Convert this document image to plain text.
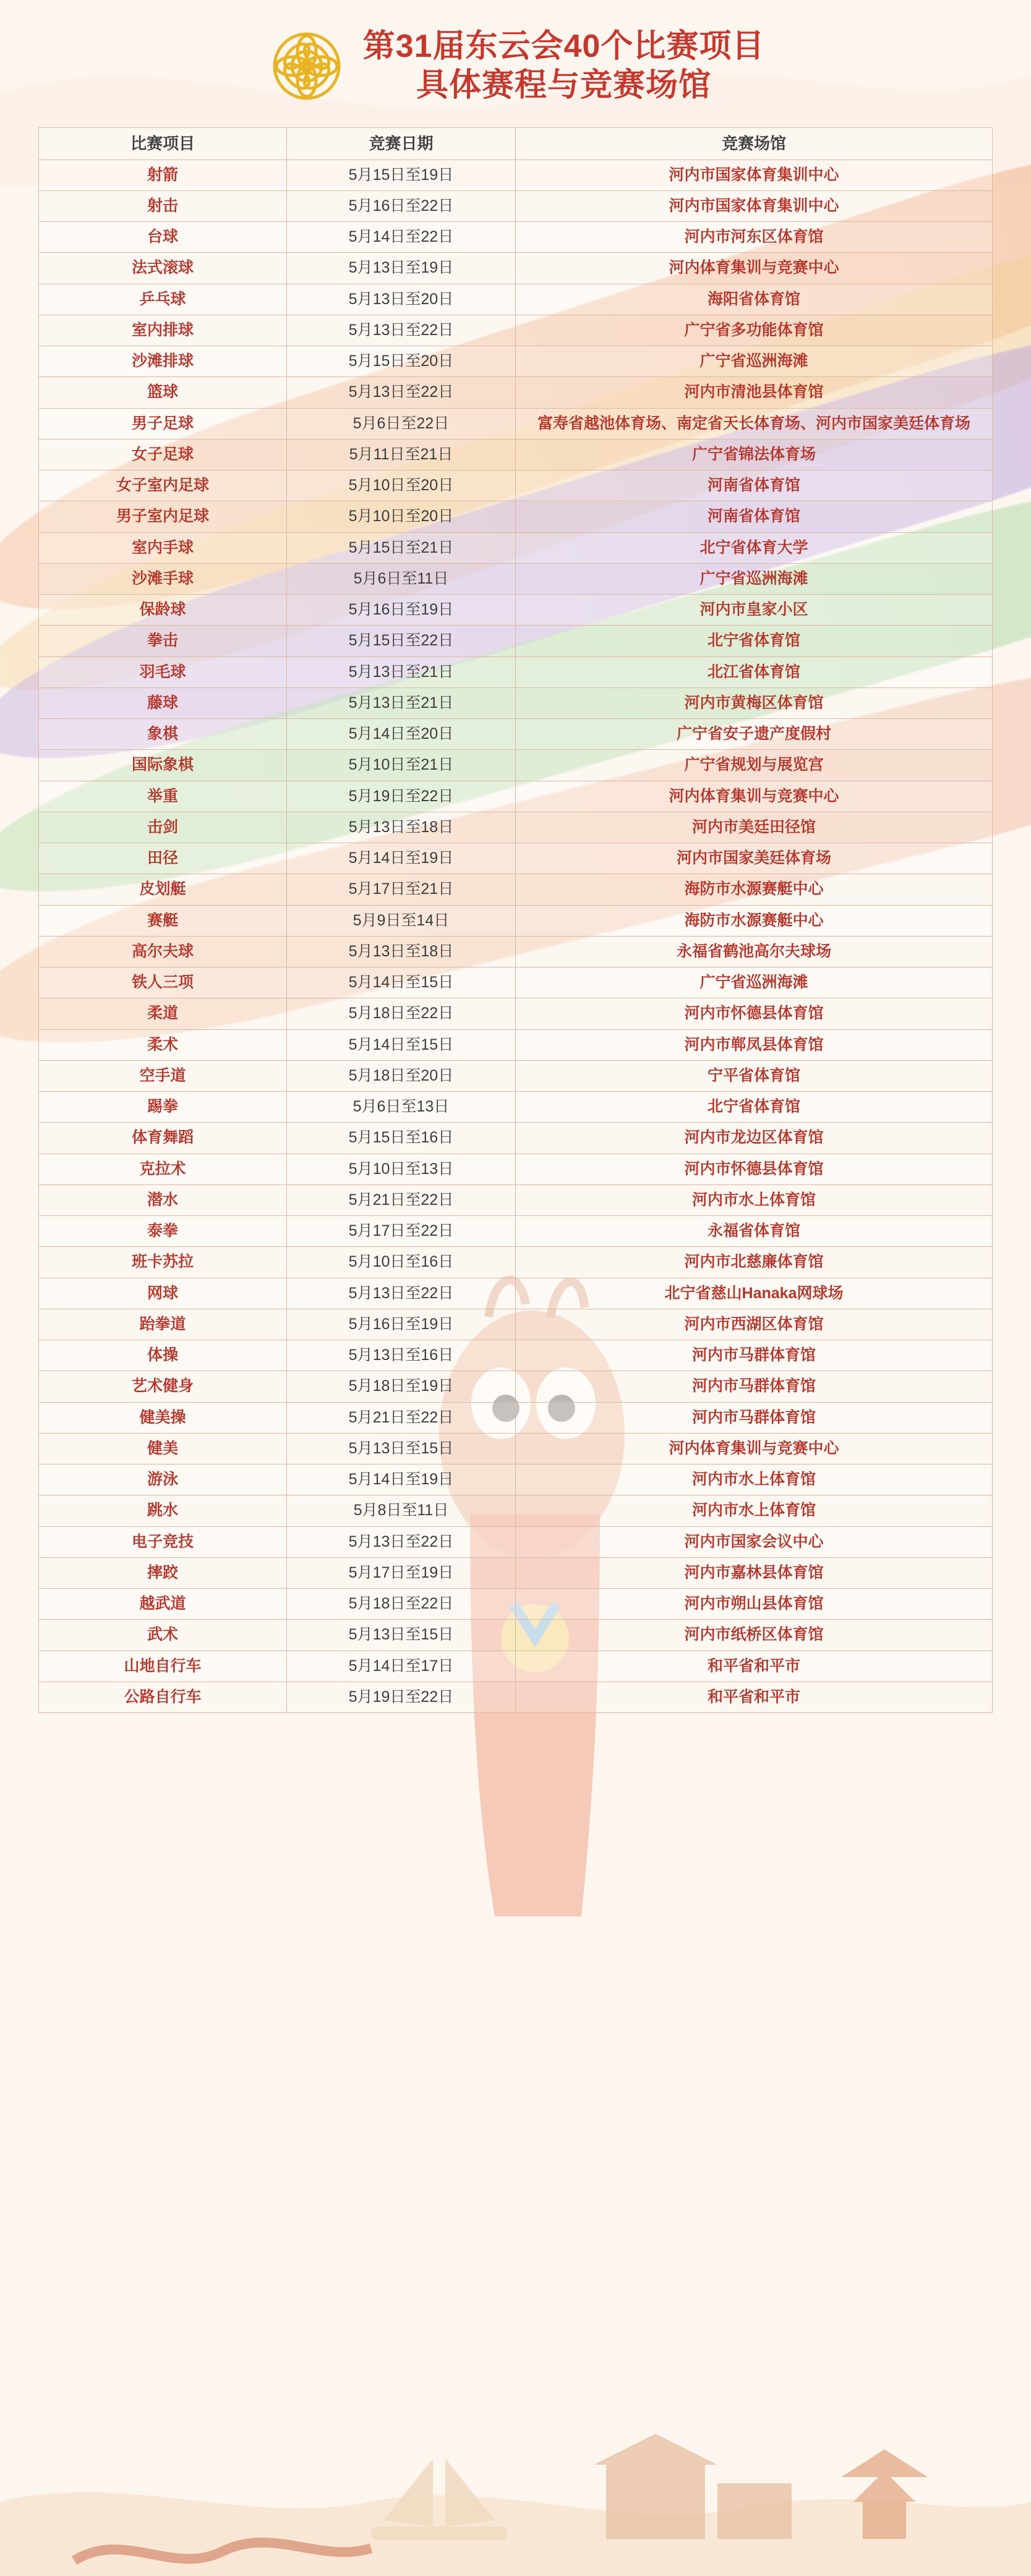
第31届东云会40个比赛项目
具体赛程与竞赛场馆
比赛项目	竞赛日期	竞赛场馆
射箭	5月15日至19日	河内市国家体育集训中心
射击	5月16日至22日	河内市国家体育集训中心
台球	5月14日至22日	河内市河东区体育馆
法式滚球	5月13日至19日	河内体育集训与竞赛中心
乒乓球	5月13日至20日	海阳省体育馆
室内排球	5月13日至22日	广宁省多功能体育馆
沙滩排球	5月15日至20日	广宁省巡洲海滩
篮球	5月13日至22日	河内市清池县体育馆
男子足球	5月6日至22日	富寿省越池体育场、南定省天长体育场、河内市国家美廷体育场
女子足球	5月11日至21日	广宁省锦法体育场
女子室内足球	5月10日至20日	河南省体育馆
男子室内足球	5月10日至20日	河南省体育馆
室内手球	5月15日至21日	北宁省体育大学
沙滩手球	5月6日至11日	广宁省巡洲海滩
保龄球	5月16日至19日	河内市皇家小区
拳击	5月15日至22日	北宁省体育馆
羽毛球	5月13日至21日	北江省体育馆
藤球	5月13日至21日	河内市黄梅区体育馆
象棋	5月14日至20日	广宁省安子遗产度假村
国际象棋	5月10日至21日	广宁省规划与展览宫
举重	5月19日至22日	河内体育集训与竞赛中心
击剑	5月13日至18日	河内市美廷田径馆
田径	5月14日至19日	河内市国家美廷体育场
皮划艇	5月17日至21日	海防市水源赛艇中心
赛艇	5月9日至14日	海防市水源赛艇中心
高尔夫球	5月13日至18日	永福省鹤池高尔夫球场
铁人三项	5月14日至15日	广宁省巡洲海滩
柔道	5月18日至22日	河内市怀德县体育馆
柔术	5月14日至15日	河内市郸凤县体育馆
空手道	5月18日至20日	宁平省体育馆
踢拳	5月6日至13日	北宁省体育馆
体育舞蹈	5月15日至16日	河内市龙边区体育馆
克拉术	5月10日至13日	河内市怀德县体育馆
潜水	5月21日至22日	河内市水上体育馆
泰拳	5月17日至22日	永福省体育馆
班卡苏拉	5月10日至16日	河内市北慈廉体育馆
网球	5月13日至22日	北宁省慈山Hanaka网球场
跆拳道	5月16日至19日	河内市西湖区体育馆
体操	5月13日至16日	河内市马群体育馆
艺术健身	5月18日至19日	河内市马群体育馆
健美操	5月21日至22日	河内市马群体育馆
健美	5月13日至15日	河内体育集训与竞赛中心
游泳	5月14日至19日	河内市水上体育馆
跳水	5月8日至11日	河内市水上体育馆
电子竞技	5月13日至22日	河内市国家会议中心
摔跤	5月17日至19日	河内市嘉林县体育馆
越武道	5月18日至22日	河内市朔山县体育馆
武术	5月13日至15日	河内市纸桥区体育馆
山地自行车	5月14日至17日	和平省和平市
公路自行车	5月19日至22日	和平省和平市
